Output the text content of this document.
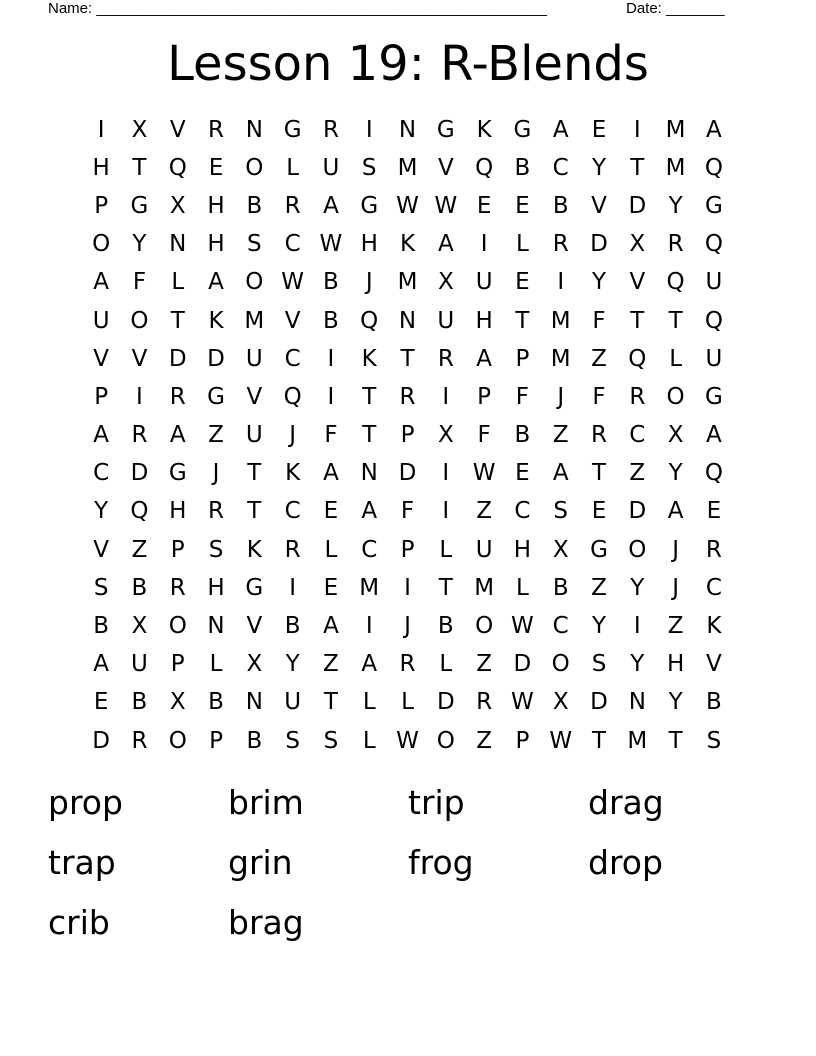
Name: ______________________________________________________	Date: _______
Lesson 19: R-Blends
I	X V R N G R	I	N G K G A	E	I	M A
H T Q E O L	U S M V Q B C	Y	T M Q
P G X H B R A G W W E	E	B V D Y G
O Y N H S C W H K A	I	L	R D X R Q
A	F	L	A O W B	J	M X U E	I	Y	V Q U
U O T	K M V B Q N U H T M F	T	T Q
V V D D U C	I	K	T	R A	P M Z Q L	U
P	I	R G V Q	I	T	R	I	P	F	J	F	R O G
A R A Z U	J	F	T	P	X	F	B Z R C X A
C D G	J	T	K A N D	I	W E	A	T	Z	Y Q
Y Q H R	T	C	E	A	F	I	Z C S	E D A	E
V Z	P	S	K R	L	C	P	L	U H X G O	J	R
S	B R H G	I	E M	I	T M L	B Z	Y	J	C
B X O N V B A	I	J	B O W C	Y	I	Z K
A U P	L	X	Y	Z A R	L	Z D O S	Y H V
E	B X B N U T	L	L	D R W X D N Y	B
D R O P	B	S	S	L W O Z	P W T M T	S
prop	brim	trip	drag
trap	grin	frog	drop
crib	brag
